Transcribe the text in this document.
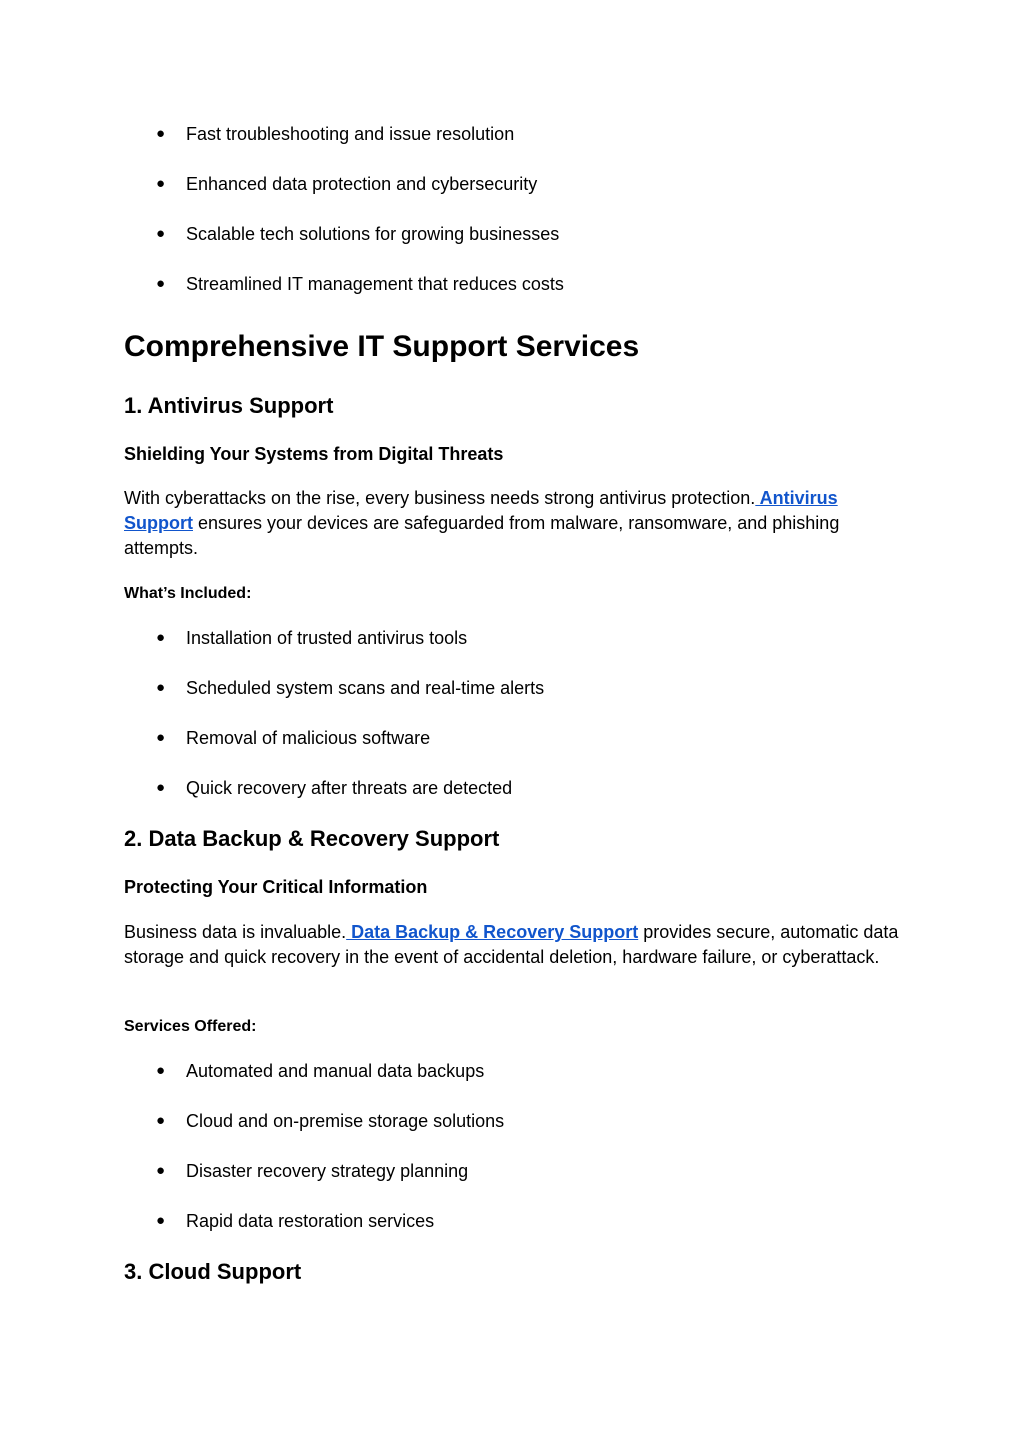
● Fast troubleshooting and issue resolution
● Enhanced data protection and cybersecurity
● Scalable tech solutions for growing businesses
● Streamlined IT management that reduces costs
Comprehensive IT Support Services
1. Antivirus Support
Shielding Your Systems from Digital Threats
With cyberattacks on the rise, every business needs strong antivirus protection. Antivirus Support ensures your devices are safeguarded from malware, ransomware, and phishing attempts.
What’s Included:
● Installation of trusted antivirus tools
● Scheduled system scans and real-time alerts
● Removal of malicious software
● Quick recovery after threats are detected
2. Data Backup & Recovery Support
Protecting Your Critical Information
Business data is invaluable. Data Backup & Recovery Support provides secure, automatic data storage and quick recovery in the event of accidental deletion, hardware failure, or cyberattack.
Services Offered:
● Automated and manual data backups
● Cloud and on-premise storage solutions
● Disaster recovery strategy planning
● Rapid data restoration services
3. Cloud Support
